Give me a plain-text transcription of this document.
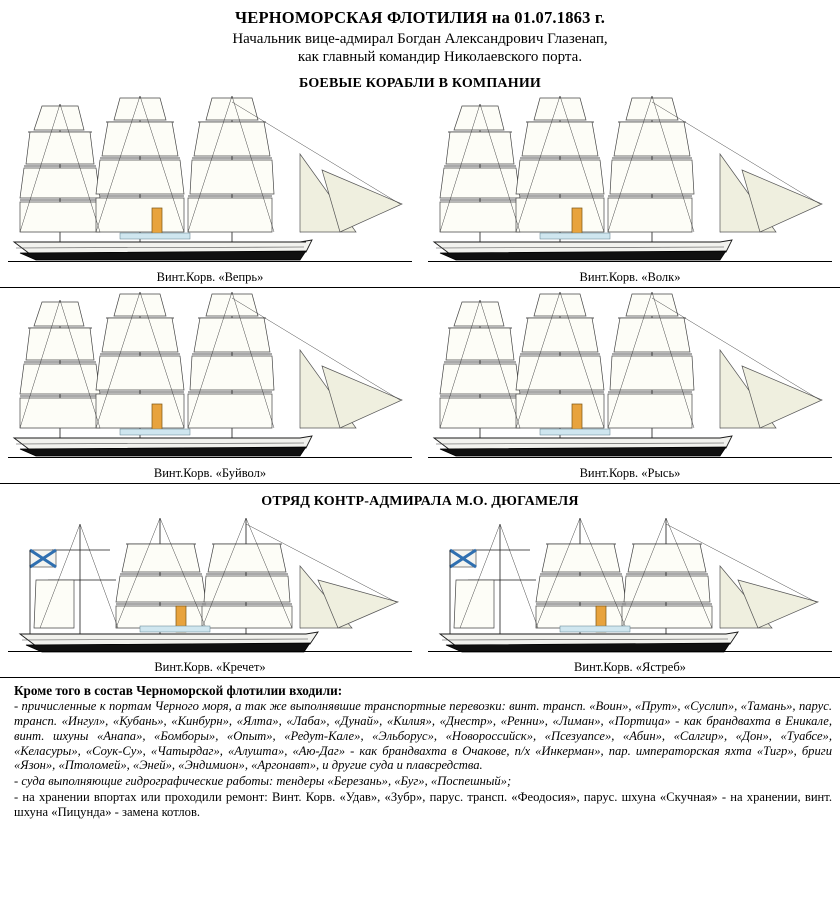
ЧЕРНОМОРСКАЯ ФЛОТИЛИЯ на 01.07.1863 г.
Начальник вице-адмирал Богдан Александрович Глазенап,
как главный командир Николаевского порта.
БОЕВЫЕ КОРАБЛИ В КОМПАНИИ
Винт.Корв. «Вепрь»	Винт.Корв. «Волк»
Винт.Корв. «Буйвол»	Винт.Корв. «Рысь»
ОТРЯД КОНТР-АДМИРАЛА М.О. ДЮГАМЕЛЯ
Винт.Корв. «Кречет»	Винт.Корв. «Ястреб»

Кроме того в состав Черноморской флотилии входили:

- причисленные к портам Черного моря, а так же выполнявшие транспортные перевозки: винт. трансп. «Воин», «Прут», «Суслип», «Тамань», парус. трансп. «Ингул», «Кубань», «Кинбурн», «Ялта», «Лаба», «Дунай», «Килия», «Днестр», «Ренни», «Лиман», «Портица» - как брандвахта в Еникале, винт. шхуны «Анапа», «Бомборы», «Опыт», «Редут-Кале», «Эльборус», «Новороссийск», «Псезуапсе», «Абин», «Салгир», «Дон», «Туабсе», «Келасуры», «Соук-Су», «Чатырдаг», «Алушта», «Аю-Даг» - как брандвахта в Очакове, п/х «Инкерман», пар. императорская яхта «Тигр», бриги «Язон», «Птоломей», «Эней», «Эндимион», «Аргонавт», и другие суда и плавсредства.

- суда выполняющие гидрографические работы: тендеры «Березань», «Буг», «Поспешный»;

- на хранении впортах или проходили ремонт: Винт. Корв. «Удав», «Зубр», парус. трансп. «Феодосия», парус. шхуна «Скучная» - на хранении, винт. шхуна «Пицунда» - замена котлов.
